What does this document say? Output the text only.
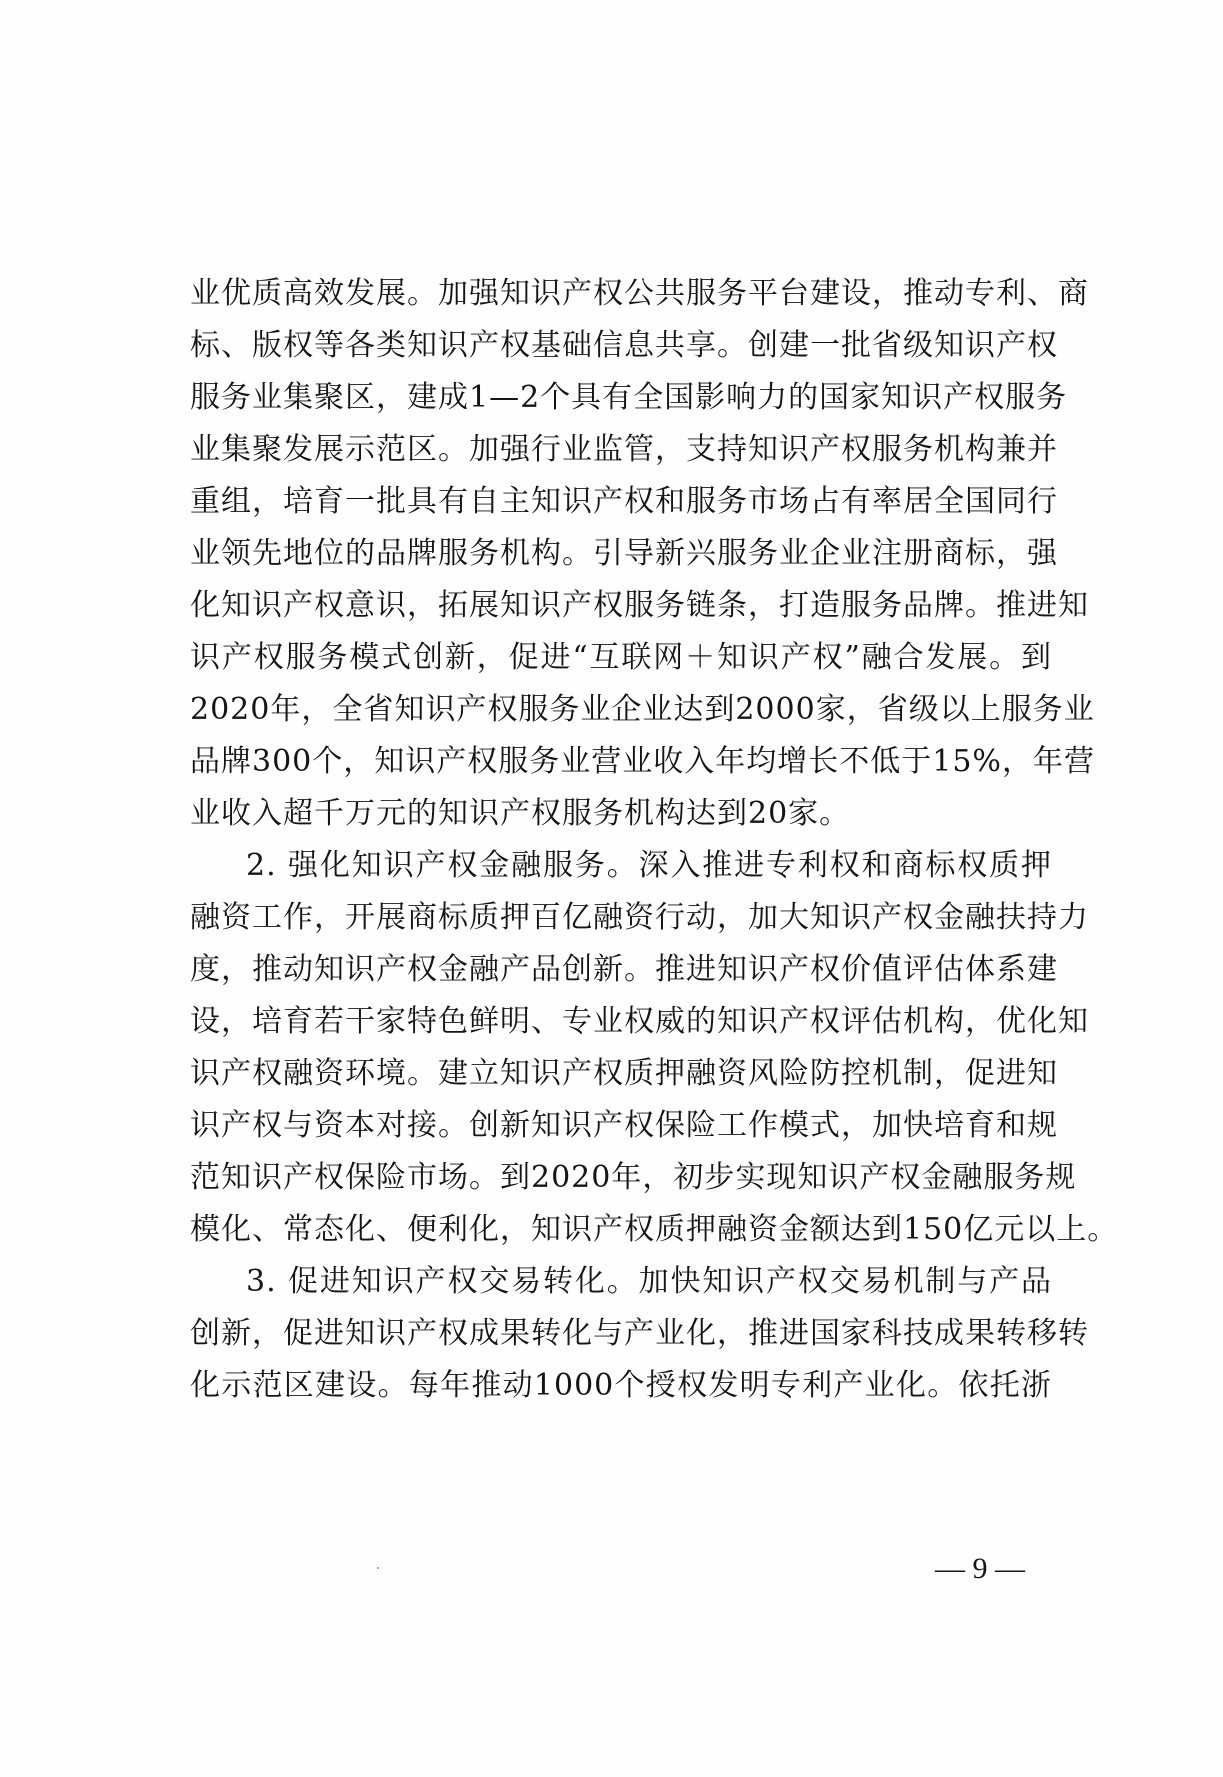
业优质高效发展。加强知识产权公共服务平台建设，推动专利、商
标、版权等各类知识产权基础信息共享。创建一批省级知识产权
服务业集聚区，建成1—2个具有全国影响力的国家知识产权服务
业集聚发展示范区。加强行业监管，支持知识产权服务机构兼并
重组，培育一批具有自主知识产权和服务市场占有率居全国同行
业领先地位的品牌服务机构。引导新兴服务业企业注册商标，强
化知识产权意识，拓展知识产权服务链条，打造服务品牌。推进知
识产权服务模式创新，促进“互联网＋知识产权”融合发展。到
2020年，全省知识产权服务业企业达到2000家，省级以上服务业
品牌300个，知识产权服务业营业收入年均增长不低于15%，年营
业收入超千万元的知识产权服务机构达到20家。
2. 强化知识产权金融服务。深入推进专利权和商标权质押
融资工作，开展商标质押百亿融资行动，加大知识产权金融扶持力
度，推动知识产权金融产品创新。推进知识产权价值评估体系建
设，培育若干家特色鲜明、专业权威的知识产权评估机构，优化知
识产权融资环境。建立知识产权质押融资风险防控机制，促进知
识产权与资本对接。创新知识产权保险工作模式，加快培育和规
范知识产权保险市场。到2020年，初步实现知识产权金融服务规
模化、常态化、便利化，知识产权质押融资金额达到150亿元以上。
3. 促进知识产权交易转化。加快知识产权交易机制与产品
创新，促进知识产权成果转化与产业化，推进国家科技成果转移转
化示范区建设。每年推动1000个授权发明专利产业化。依托浙
— 9 —
